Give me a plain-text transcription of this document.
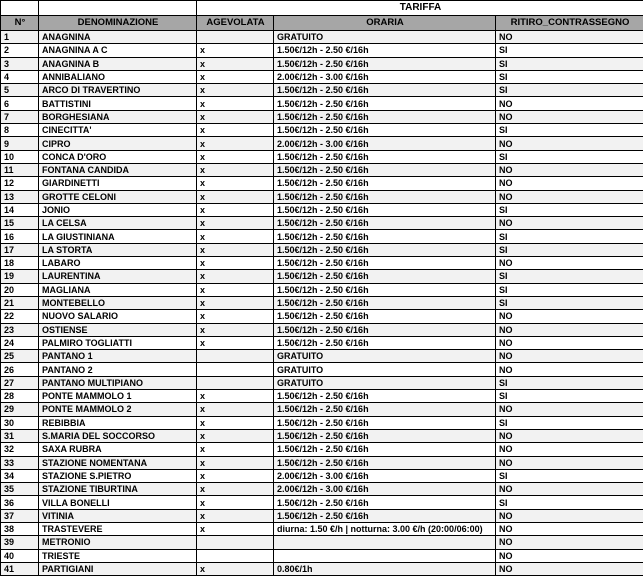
		TARIFFA		
N°	DENOMINAZIONE	AGEVOLATA	ORARIA	RITIRO_CONTRASSEGNO
1	ANAGNINA		GRATUITO	NO
2	ANAGNINA A C	x	1.50€/12h - 2.50 €/16h	SI
3	ANAGNINA B	x	1.50€/12h - 2.50 €/16h	SI
4	ANNIBALIANO	x	2.00€/12h - 3.00 €/16h	SI
5	ARCO DI TRAVERTINO	x	1.50€/12h - 2.50 €/16h	SI
6	BATTISTINI	x	1.50€/12h - 2.50 €/16h	NO
7	BORGHESIANA	x	1.50€/12h - 2.50 €/16h	NO
8	CINECITTA'	x	1.50€/12h - 2.50 €/16h	SI
9	CIPRO	x	2.00€/12h - 3.00 €/16h	NO
10	CONCA D'ORO	x	1.50€/12h - 2.50 €/16h	SI
11	FONTANA CANDIDA	x	1.50€/12h - 2.50 €/16h	NO
12	GIARDINETTI	x	1.50€/12h - 2.50 €/16h	NO
13	GROTTE CELONI	x	1.50€/12h - 2.50 €/16h	NO
14	JONIO	x	1.50€/12h - 2.50 €/16h	SI
15	LA CELSA	x	1.50€/12h - 2.50 €/16h	NO
16	LA GIUSTINIANA	x	1.50€/12h - 2.50 €/16h	SI
17	LA STORTA	x	1.50€/12h - 2.50 €/16h	SI
18	LABARO	x	1.50€/12h - 2.50 €/16h	NO
19	LAURENTINA	x	1.50€/12h - 2.50 €/16h	SI
20	MAGLIANA	x	1.50€/12h - 2.50 €/16h	SI
21	MONTEBELLO	x	1.50€/12h - 2.50 €/16h	SI
22	NUOVO SALARIO	x	1.50€/12h - 2.50 €/16h	NO
23	OSTIENSE	x	1.50€/12h - 2.50 €/16h	NO
24	PALMIRO TOGLIATTI	x	1.50€/12h - 2.50 €/16h	NO
25	PANTANO 1		GRATUITO	NO
26	PANTANO 2		GRATUITO	NO
27	PANTANO MULTIPIANO		GRATUITO	SI
28	PONTE MAMMOLO 1	x	1.50€/12h - 2.50 €/16h	SI
29	PONTE MAMMOLO 2	x	1.50€/12h - 2.50 €/16h	NO
30	REBIBBIA	x	1.50€/12h - 2.50 €/16h	SI
31	S.MARIA DEL SOCCORSO	x	1.50€/12h - 2.50 €/16h	NO
32	SAXA RUBRA	x	1.50€/12h - 2.50 €/16h	NO
33	STAZIONE NOMENTANA	x	1.50€/12h - 2.50 €/16h	NO
34	STAZIONE S.PIETRO	x	2.00€/12h - 3.00 €/16h	SI
35	STAZIONE TIBURTINA	x	2.00€/12h - 3.00 €/16h	NO
36	VILLA BONELLI	x	1.50€/12h - 2.50 €/16h	SI
37	VITINIA	x	1.50€/12h - 2.50 €/16h	NO
38	TRASTEVERE	x	diurna: 1.50 €/h | notturna: 3.00 €/h (20:00/06:00)	NO
39	METRONIO			NO
40	TRIESTE			NO
41	PARTIGIANI	x	0.80€/1h	NO
